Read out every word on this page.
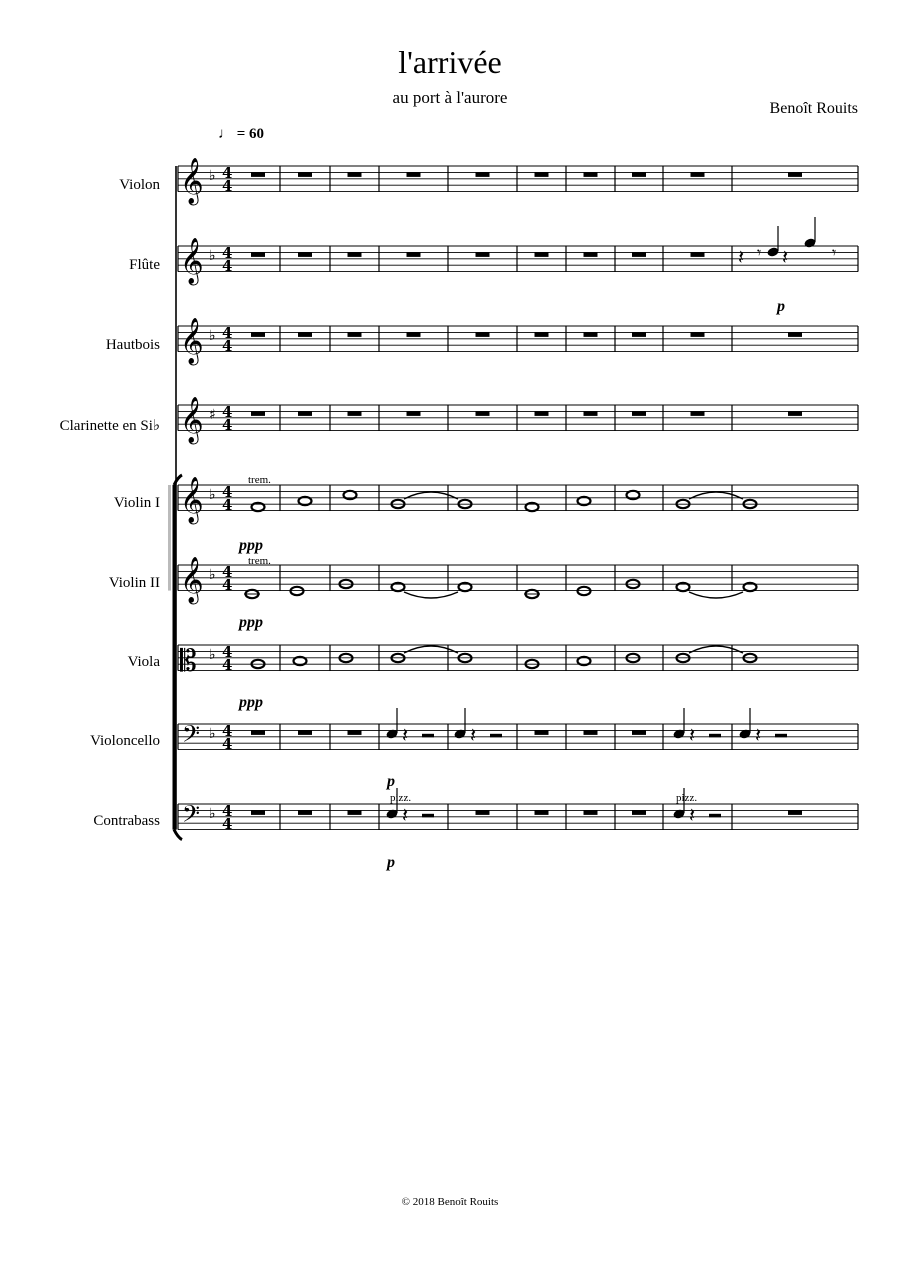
l'arrivée
au port à l'aurore
Benoît Rouits
♩ = 60
Violon
Flûte
Hautbois
Clarinette en Si♭
Violin I
Violin II
Viola
Violoncello
Contrabass
trem.
trem.
pizz.	pizz.
ppp
ppp
ppp
p
p
p
© 2018 Benoît Rouits
𝄞 ♭ 4
4
𝄞 ♭ 4
4
𝄞 ♭ 4
4
𝄞 ♯ 4
4
𝄞 ♭ 4
4
𝄞 ♭ 4
4
𝄡 ♭ 4
4
𝄢 ♭ 4
4
𝄢 ♭ 4
4
𝄽 𝄾 𝄽	𝄾
𝄽	𝄽	𝄽	𝄽
𝄽	𝄽
